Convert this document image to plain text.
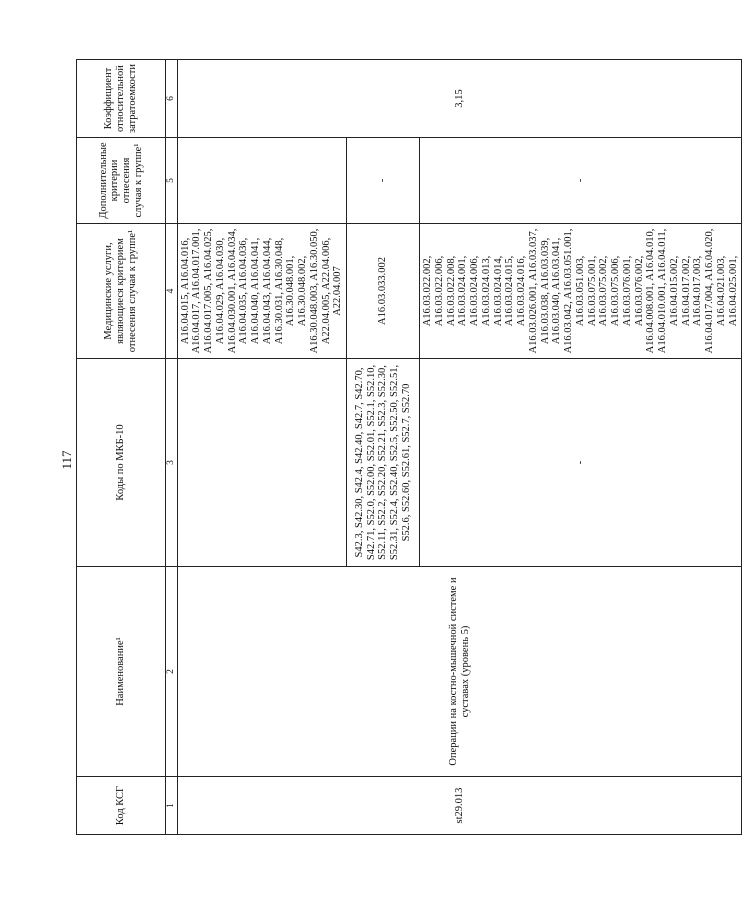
117
Код КСГ	Наименование¹	Коды по МКБ-10	Медицинские услуги, являющиеся критерием отнесения случая к группе¹	Дополнительные критерии отнесения случая к группе¹	Коэффициент относительной затратоемкости
1	2	3	4	5	6
st29.013	Операции на костно-мышечной системе и суставах (уровень 5)		A16.04.015, A16.04.016, A16.04.017, A16.04.017.001, A16.04.017.005, A16.04.025, A16.04.029, A16.04.030, A16.04.030.001, A16.04.034, A16.04.035, A16.04.036, A16.04.040, A16.04.041, A16.04.043, A16.04.044, A16.30.031, A16.30.048, A16.30.048.001, A16.30.048.002, A16.30.048.003, A16.30.050, A22.04.005, A22.04.006, A22.04.007		3,15
		S42.3, S42.30, S42.4, S42.40, S42.7, S42.70, S42.71, S52.0, S52.00, S52.01, S52.1, S52.10, S52.11, S52.2, S52.20, S52.21, S52.3, S52.30, S52.31, S52.4, S52.40, S52.5, S52.50, S52.51, S52.6, S52.60, S52.61, S52.7, S52.70	A16.03.033.002	-	
		-	A16.03.022.002, A16.03.022.006, A16.03.022.008, A16.03.024.001, A16.03.024.006, A16.03.024.013, A16.03.024.014, A16.03.024.015, A16.03.024.016, A16.03.026.001, A16.03.037, A16.03.038, A16.03.039, A16.03.040, A16.03.041, A16.03.042, A16.03.051.001, A16.03.051.003, A16.03.075.001, A16.03.075.002, A16.03.075.006, A16.03.076.001, A16.03.076.002, A16.04.008.001, A16.04.010, A16.04.010.001, A16.04.011, A16.04.015.002, A16.04.017.002, A16.04.017.003, A16.04.017.004, A16.04.020, A16.04.021.003, A16.04.025.001,	-	
